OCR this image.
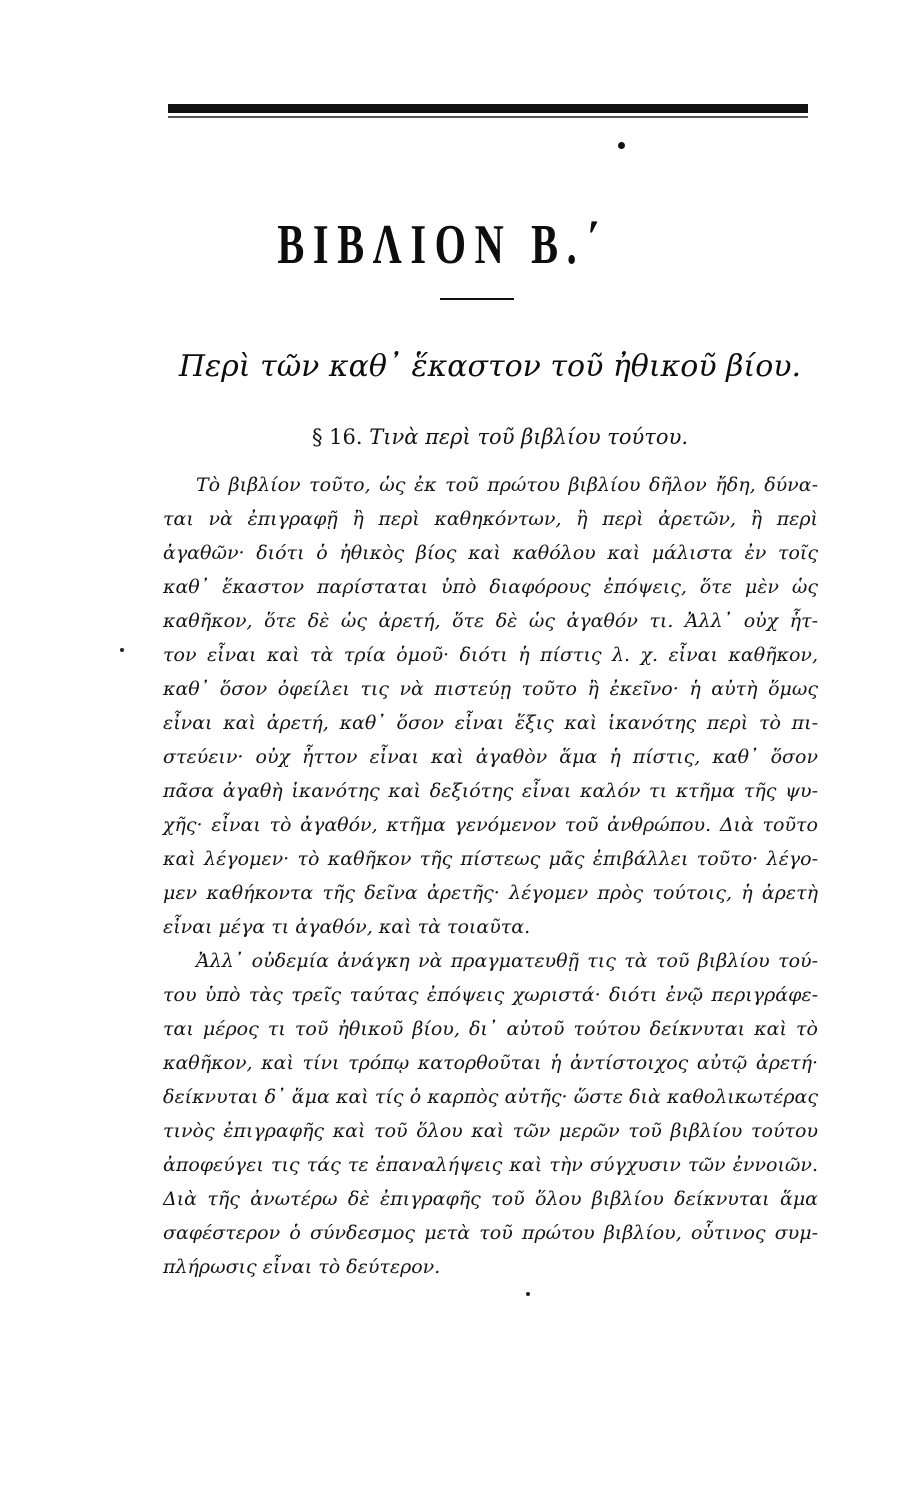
ΒΙΒΛΙΟΝ Β.΄
Περὶ τῶν καθ᾽ ἕκαστον τοῦ ἠθικοῦ βίου.
§ 16. Τινὰ περὶ τοῦ βιβλίου τούτου.
Τὸ βιβλίον τοῦτο, ὡς ἐκ τοῦ πρώτου βιβλίου δῆλον ἤδη, δύνα-
ται νὰ ἐπιγραφῇ ἢ περὶ καθηκόντων, ἢ περὶ ἀρετῶν, ἢ περὶ
ἀγαθῶν· διότι ὁ ἠθικὸς βίος καὶ καθόλου καὶ μάλιστα ἐν τοῖς
καθ᾽ ἕκαστον παρίσταται ὑπὸ διαφόρους ἐπόψεις, ὅτε μὲν ὡς
καθῆκον, ὅτε δὲ ὡς ἀρετή, ὅτε δὲ ὡς ἀγαθόν τι. Ἀλλ᾽ οὐχ ἧτ-
τον εἶναι καὶ τὰ τρία ὁμοῦ· διότι ἡ πίστις λ. χ. εἶναι καθῆκον,
καθ᾽ ὅσον ὀφείλει τις νὰ πιστεύῃ τοῦτο ἢ ἐκεῖνο· ἡ αὐτὴ ὅμως
εἶναι καὶ ἀρετή, καθ᾽ ὅσον εἶναι ἕξις καὶ ἱκανότης περὶ τὸ πι-
στεύειν· οὐχ ἧττον εἶναι καὶ ἀγαθὸν ἅμα ἡ πίστις, καθ᾽ ὅσον
πᾶσα ἀγαθὴ ἱκανότης καὶ δεξιότης εἶναι καλόν τι κτῆμα τῆς ψυ-
χῆς· εἶναι τὸ ἀγαθόν, κτῆμα γενόμενον τοῦ ἀνθρώπου. Διὰ τοῦτο
καὶ λέγομεν· τὸ καθῆκον τῆς πίστεως μᾶς ἐπιβάλλει τοῦτο· λέγο-
μεν καθήκοντα τῆς δεῖνα ἀρετῆς· λέγομεν πρὸς τούτοις, ἡ ἀρετὴ
εἶναι μέγα τι ἀγαθόν, καὶ τὰ τοιαῦτα.
Ἀλλ᾽ οὐδεμία ἀνάγκη νὰ πραγματευθῇ τις τὰ τοῦ βιβλίου τού-
του ὑπὸ τὰς τρεῖς ταύτας ἐπόψεις χωριστά· διότι ἐνῷ περιγράφε-
ται μέρος τι τοῦ ἠθικοῦ βίου, δι᾽ αὐτοῦ τούτου δείκνυται καὶ τὸ
καθῆκον, καὶ τίνι τρόπῳ κατορθοῦται ἡ ἀντίστοιχος αὐτῷ ἀρετή·
δείκνυται δ᾽ ἅμα καὶ τίς ὁ καρπὸς αὐτῆς· ὥστε διὰ καθολικωτέρας
τινὸς ἐπιγραφῆς καὶ τοῦ ὅλου καὶ τῶν μερῶν τοῦ βιβλίου τούτου
ἀποφεύγει τις τάς τε ἐπαναλήψεις καὶ τὴν σύγχυσιν τῶν ἐννοιῶν.
Διὰ τῆς ἀνωτέρω δὲ ἐπιγραφῆς τοῦ ὅλου βιβλίου δείκνυται ἅμα
σαφέστερον ὁ σύνδεσμος μετὰ τοῦ πρώτου βιβλίου, οὗτινος συμ-
πλήρωσις εἶναι τὸ δεύτερον.
